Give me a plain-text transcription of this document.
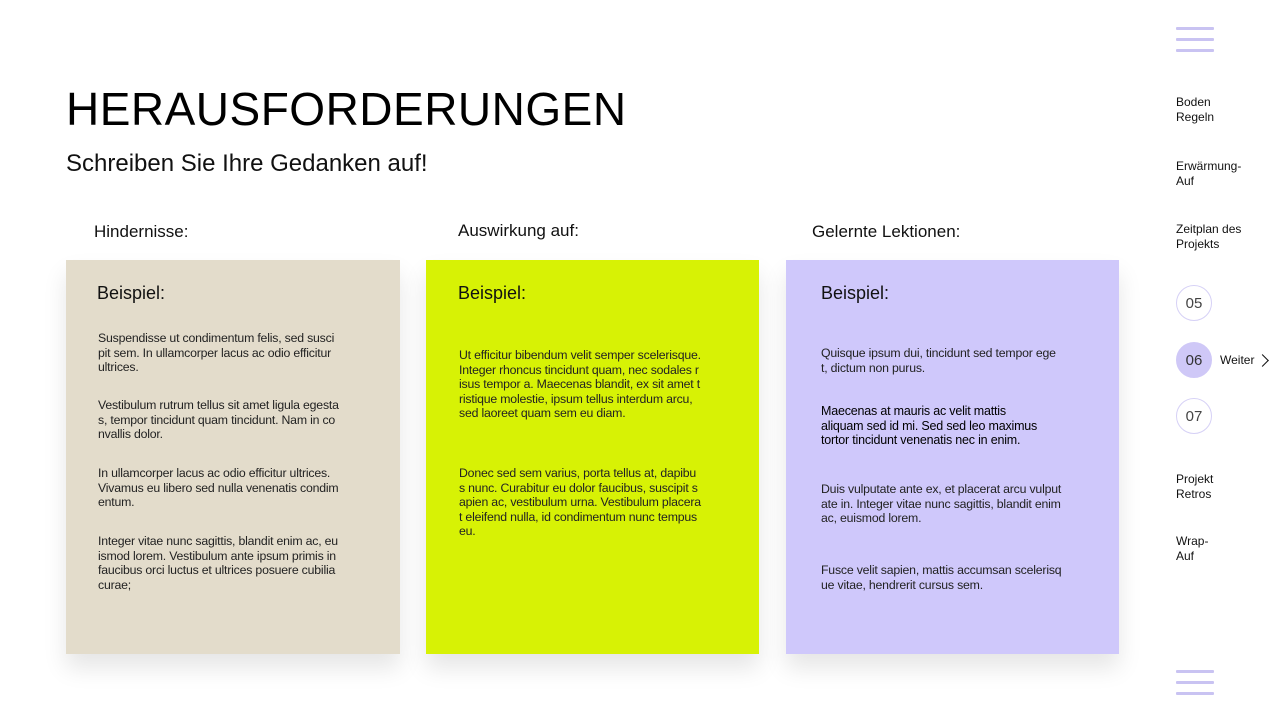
HERAUSFORDERUNGEN
Schreiben Sie Ihre Gedanken auf!
Hindernisse:	Auswirkung auf:	Gelernte Lektionen:
Beispiel:
Suspendisse ut condimentum felis, sed suscipit sem. In ullamcorper lacus ac odio efficitur ultrices.
Vestibulum rutrum tellus sit amet ligula egestas, tempor tincidunt quam tincidunt. Nam in convallis dolor.
In ullamcorper lacus ac odio efficitur ultrices. Vivamus eu libero sed nulla venenatis condimentum.
Integer vitae nunc sagittis, blandit enim ac, euismod lorem. Vestibulum ante ipsum primis in faucibus orci luctus et ultrices posuere cubilia curae;
Beispiel:
Ut efficitur bibendum velit semper scelerisque. Integer rhoncus tincidunt quam, nec sodales risus tempor a. Maecenas blandit, ex sit amet tristique molestie, ipsum tellus interdum arcu, sed laoreet quam sem eu diam.
Donec sed sem varius, porta tellus at, dapibus nunc. Curabitur eu dolor faucibus, suscipit sapien ac, vestibulum urna. Vestibulum placerat eleifend nulla, id condimentum nunc tempus eu.
Beispiel:
Quisque ipsum dui, tincidunt sed tempor eget, dictum non purus.
Maecenas at mauris ac velit mattis aliquam sed id mi. Sed sed leo maximus tortor tincidunt venenatis nec in enim.
Duis vulputate ante ex, et placerat arcu vulputate in. Integer vitae nunc sagittis, blandit enim ac, euismod lorem.
Fusce velit sapien, mattis accumsan scelerisque vitae, hendrerit cursus sem.
Boden
Regeln
Erwärmung-
Auf
Zeitplan des
Projekts
05
06
07
Weiter
Projekt
Retros
Wrap-
Auf
